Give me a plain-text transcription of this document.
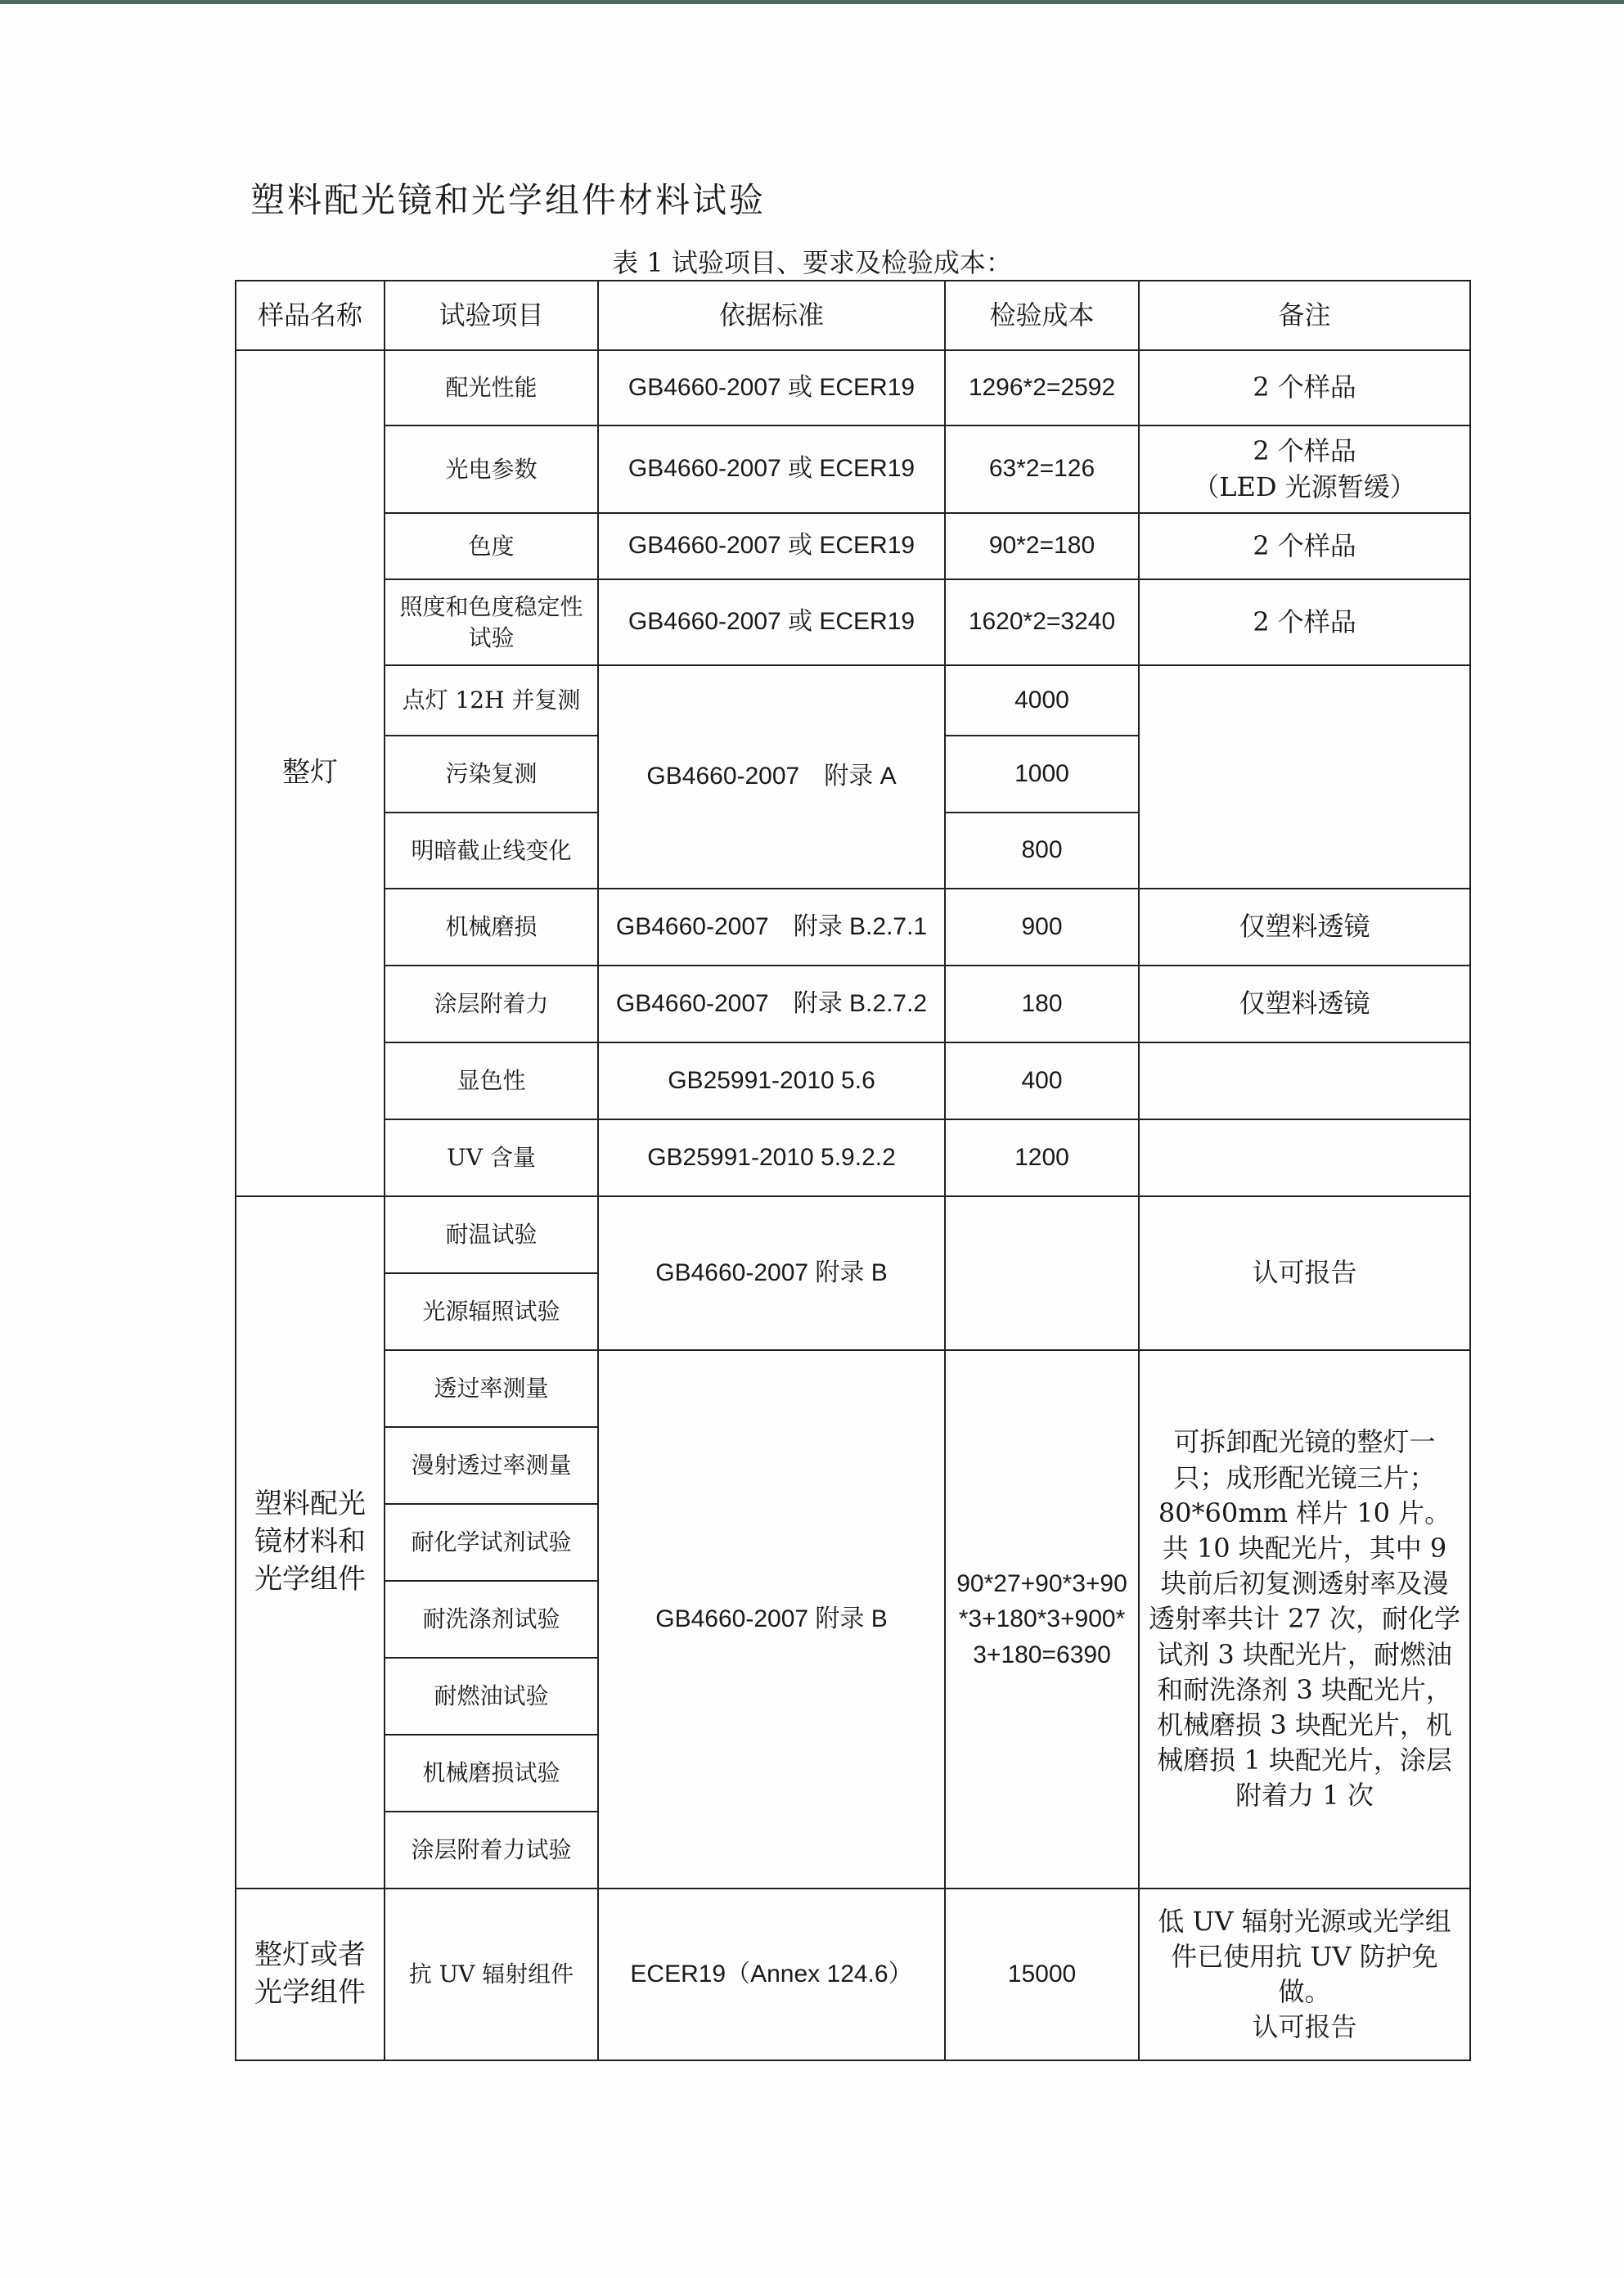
塑料配光镜和光学组件材料试验
表 1 试验项目、要求及检验成本：
样品名称	试验项目	依据标准	检验成本	备注
整灯	配光性能	GB4660-2007 或 ECER19	1296*2=2592	2 个样品
	光电参数	GB4660-2007 或 ECER19	63*2=126	2 个样品
（LED 光源暂缓）

	色度	GB4660-2007 或 ECER19	90*2=180	2 个样品
	照度和色度稳定性试验	GB4660-2007 或 ECER19	1620*2=3240	2 个样品
	点灯 12H 并复测	GB4660-2007　附录 A	4000	
	污染复测		1000	
	明暗截止线变化		800	
	机械磨损	GB4660-2007　附录 B.2.7.1	900	仅塑料透镜
	涂层附着力	GB4660-2007　附录 B.2.7.2	180	仅塑料透镜
	显色性	GB25991-2010 5.6	400	
	UV 含量	GB25991-2010 5.9.2.2	1200	
塑料配光镜材料和光学组件	耐温试验	GB4660-2007 附录 B		认可报告
	光源辐照试验			
	透过率测量	GB4660-2007 附录 B	90*27+90*3+90*3+180*3+900*3+180=6390	可拆卸配光镜的整灯一只；成形配光镜三片；80*60mm 样片 10 片。共 10 块配光片，其中 9 块前后初复测透射率及漫透射率共计 27 次，耐化学试剂 3 块配光片，耐燃油和耐洗涤剂 3 块配光片，机械磨损 3 块配光片，机械磨损 1 块配光片，涂层附着力 1 次
	漫射透过率测量			
	耐化学试剂试验			
	耐洗涤剂试验			
	耐燃油试验			
	机械磨损试验			
	涂层附着力试验			
整灯或者光学组件	抗 UV 辐射组件	ECER19（Annex 124.6）	15000	低 UV 辐射光源或光学组件已使用抗 UV 防护免做。
认可报告
